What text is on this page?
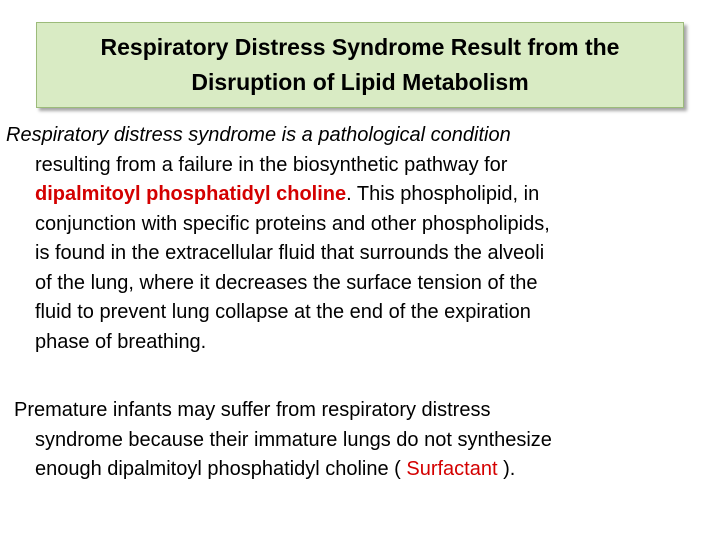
Respiratory Distress Syndrome Result from the
Disruption of Lipid Metabolism
Respiratory distress syndrome is a pathological condition
resulting from a failure in the biosynthetic pathway for
dipalmitoyl phosphatidyl choline. This phospholipid, in
conjunction with specific proteins and other phospholipids,
is found in the extracellular fluid that surrounds the alveoli
of the lung, where it decreases the surface tension of the
fluid to prevent lung collapse at the end of the expiration
phase of breathing.
Premature infants may suffer from respiratory distress
syndrome because their immature lungs do not synthesize
enough dipalmitoyl phosphatidyl choline ( Surfactant ).
